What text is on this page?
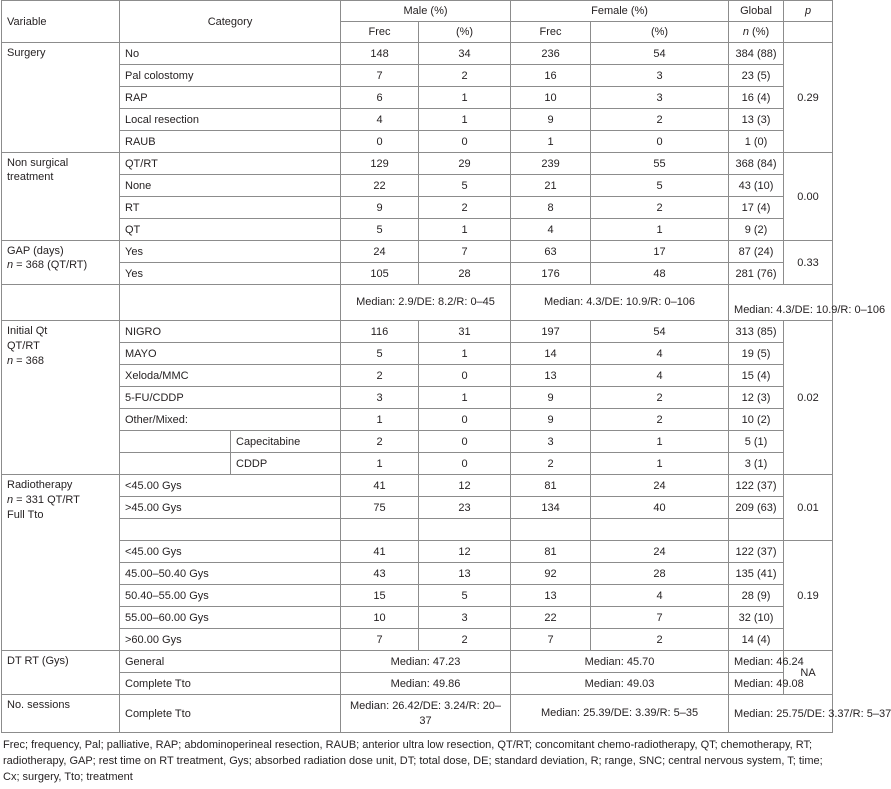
Variable	Category		Male (%)		Female (%)		Global	p
			Frec	(%)	Frec	(%)	n (%)	
Surgery	No		148	34	236	54	384 (88)	0.29
	Pal colostomy		7	2	16	3	23 (5)	
	RAP		6	1	10	3	16 (4)	
	Local resection		4	1	9	2	13 (3)	
	RAUB		0	0	1	0	1 (0)	
Non surgical treatment	QT/RT		129	29	239	55	368 (84)	0.00
	None		22	5	21	5	43 (10)	
	RT		9	2	8	2	17 (4)	
	QT		5	1	4	1	9 (2)	
GAP (days)
n = 368 (QT/RT)	Yes		24	7	63	17	87 (24)	0.33
	Yes		105	28	176	48	281 (76)	
			Median: 2.9/DE: 8.2/R: 0–45		Median: 4.3/DE: 10.9/R: 0–106		Median: 4.3/DE: 10.9/R: 0–106	
Initial Qt
QT/RT
n = 368	NIGRO		116	31	197	54	313 (85)	0.02
	MAYO		5	1	14	4	19 (5)	
	Xeloda/MMC		2	0	13	4	15 (4)	
	5-FU/CDDP		3	1	9	2	12 (3)	
	Other/Mixed:		1	0	9	2	10 (2)	
		Capecitabine	2	0	3	1	5 (1)	
		CDDP	1	0	2	1	3 (1)	
Radiotherapy
n = 331 QT/RT
Full Tto	<45.00 Gys		41	12	81	24	122 (37)	0.01
	>45.00 Gys		75	23	134	40	209 (63)	

	<45.00 Gys		41	12	81	24	122 (37)	0.19
	45.00–50.40 Gys		43	13	92	28	135 (41)	
	50.40–55.00 Gys		15	5	13	4	28 (9)	
	55.00–60.00 Gys		10	3	22	7	32 (10)	
	>60.00 Gys		7	2	7	2	14 (4)	
DT RT (Gys)	General		Median: 47.23		Median: 45.70		Median: 46.24	NA
	Complete Tto		Median: 49.86		Median: 49.03		Median: 49.08	
No. sessions	Complete Tto		Median: 26.42/DE: 3.24/R: 20–37		Median: 25.39/DE: 3.39/R: 5–35		Median: 25.75/DE: 3.37/R: 5–37	
Frec; frequency, Pal; palliative, RAP; abdominoperineal resection, RAUB; anterior ultra low resection, QT/RT; concomitant chemo-radiotherapy, QT; chemotherapy, RT; radiotherapy, GAP; rest time on RT treatment, Gys; absorbed radiation dose unit, DT; total dose, DE; standard deviation, R; range, SNC; central nervous system, T; time; Cx; surgery, Tto; treatment
